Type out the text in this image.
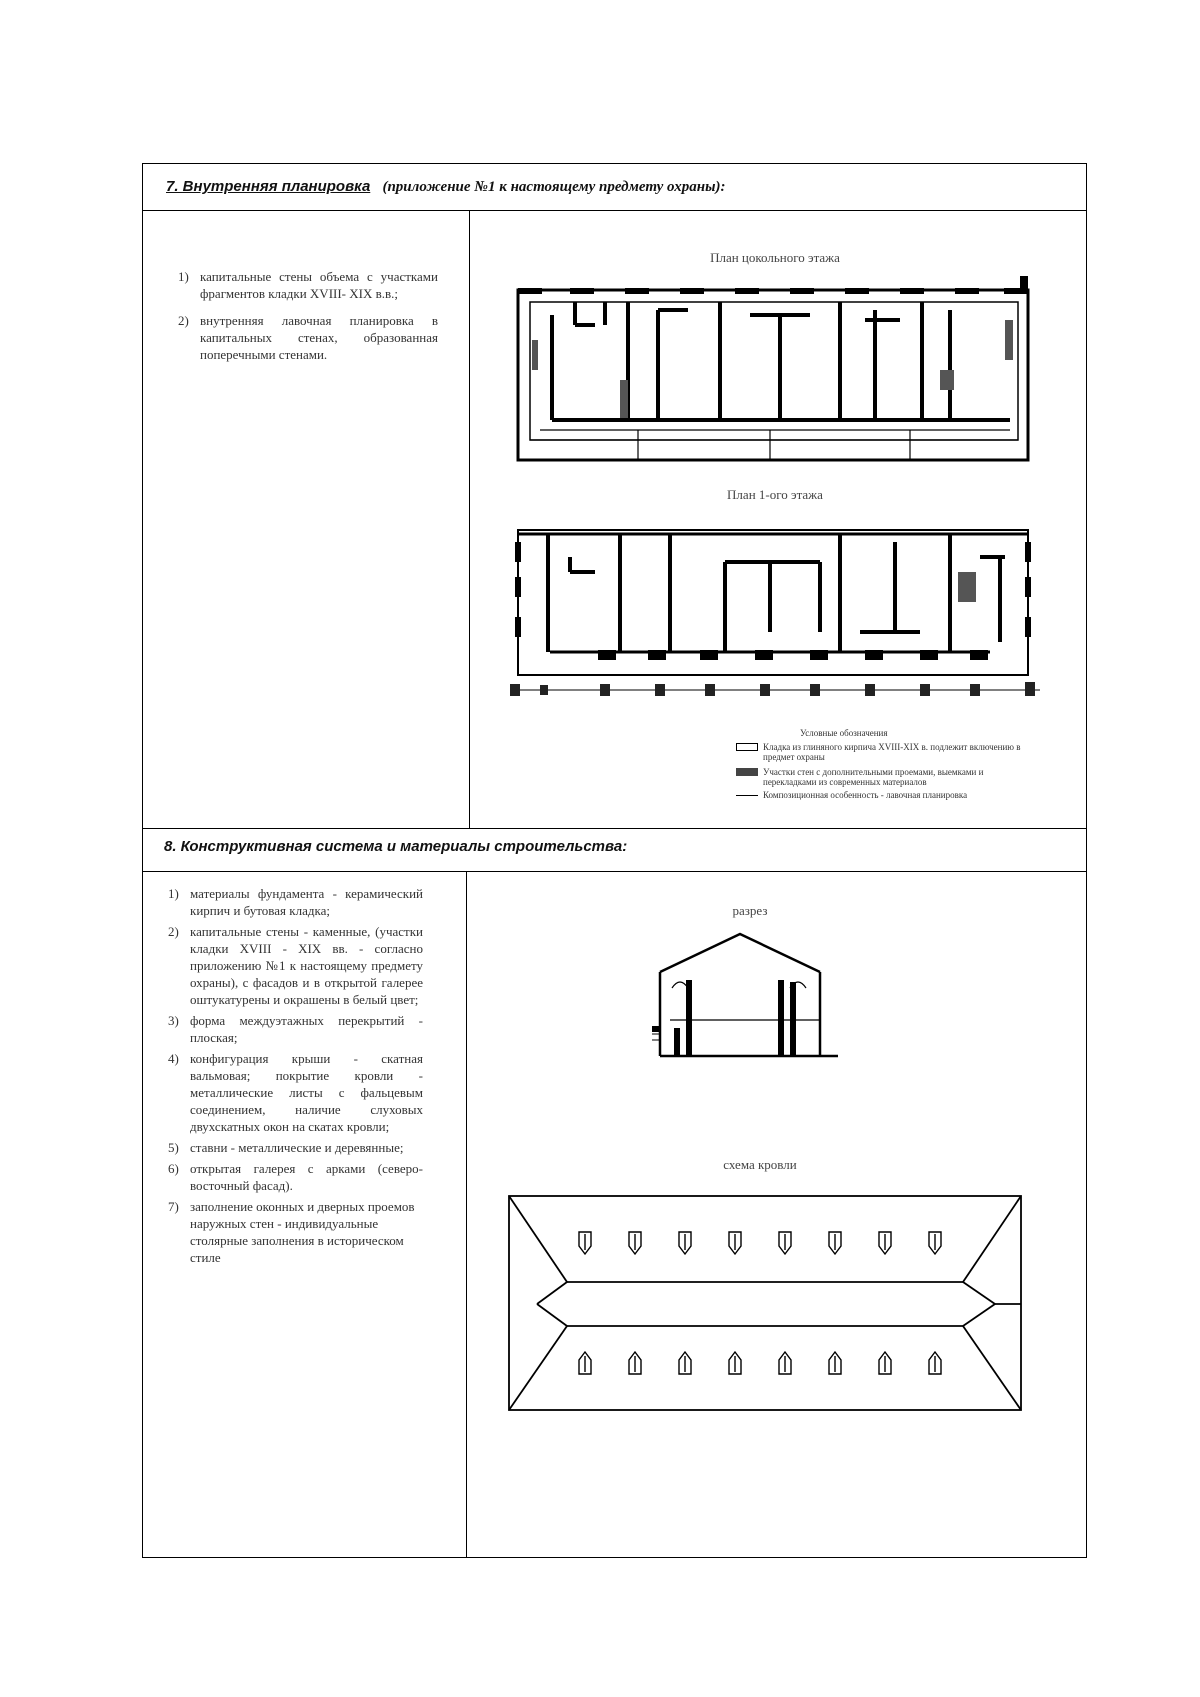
7. Внутренняя планировка (приложение №1 к настоящему предмету охраны):
1) капитальные стены объема с участками фрагментов кладки XVIII- XIX в.в.;
2) внутренняя лавочная планировка в капитальных стенах, образованная поперечными стенами.
План цокольного этажа
План 1-ого этажа
Условные обозначения
Кладка из глиняного кирпича XVIII-XIX в. подлежит включению в предмет охраны
Участки стен с дополнительными проемами, выемками и перекладками из современных материалов
Композиционная особенность - лавочная планировка
8. Конструктивная система и материалы строительства:
1) материалы фундамента - керамический кирпич и бутовая кладка;
2) капитальные стены - каменные, (участки кладки XVIII - XIX вв. - согласно приложению №1 к настоящему предмету охраны), с фасадов и в открытой галерее оштукатурены и окрашены в белый цвет;
3) форма междуэтажных перекрытий - плоская;
4) конфигурация крыши - скатная вальмовая; покрытие кровли - металлические листы с фальцевым соединением, наличие слуховых двухскатных окон на скатах кровли;
5) ставни - металлические и деревянные;
6) открытая галерея с арками (северо-восточный фасад).
7) заполнение оконных и дверных проемов наружных стен - индивидуальные столярные заполнения в историческом стиле
разрез
схема кровли
